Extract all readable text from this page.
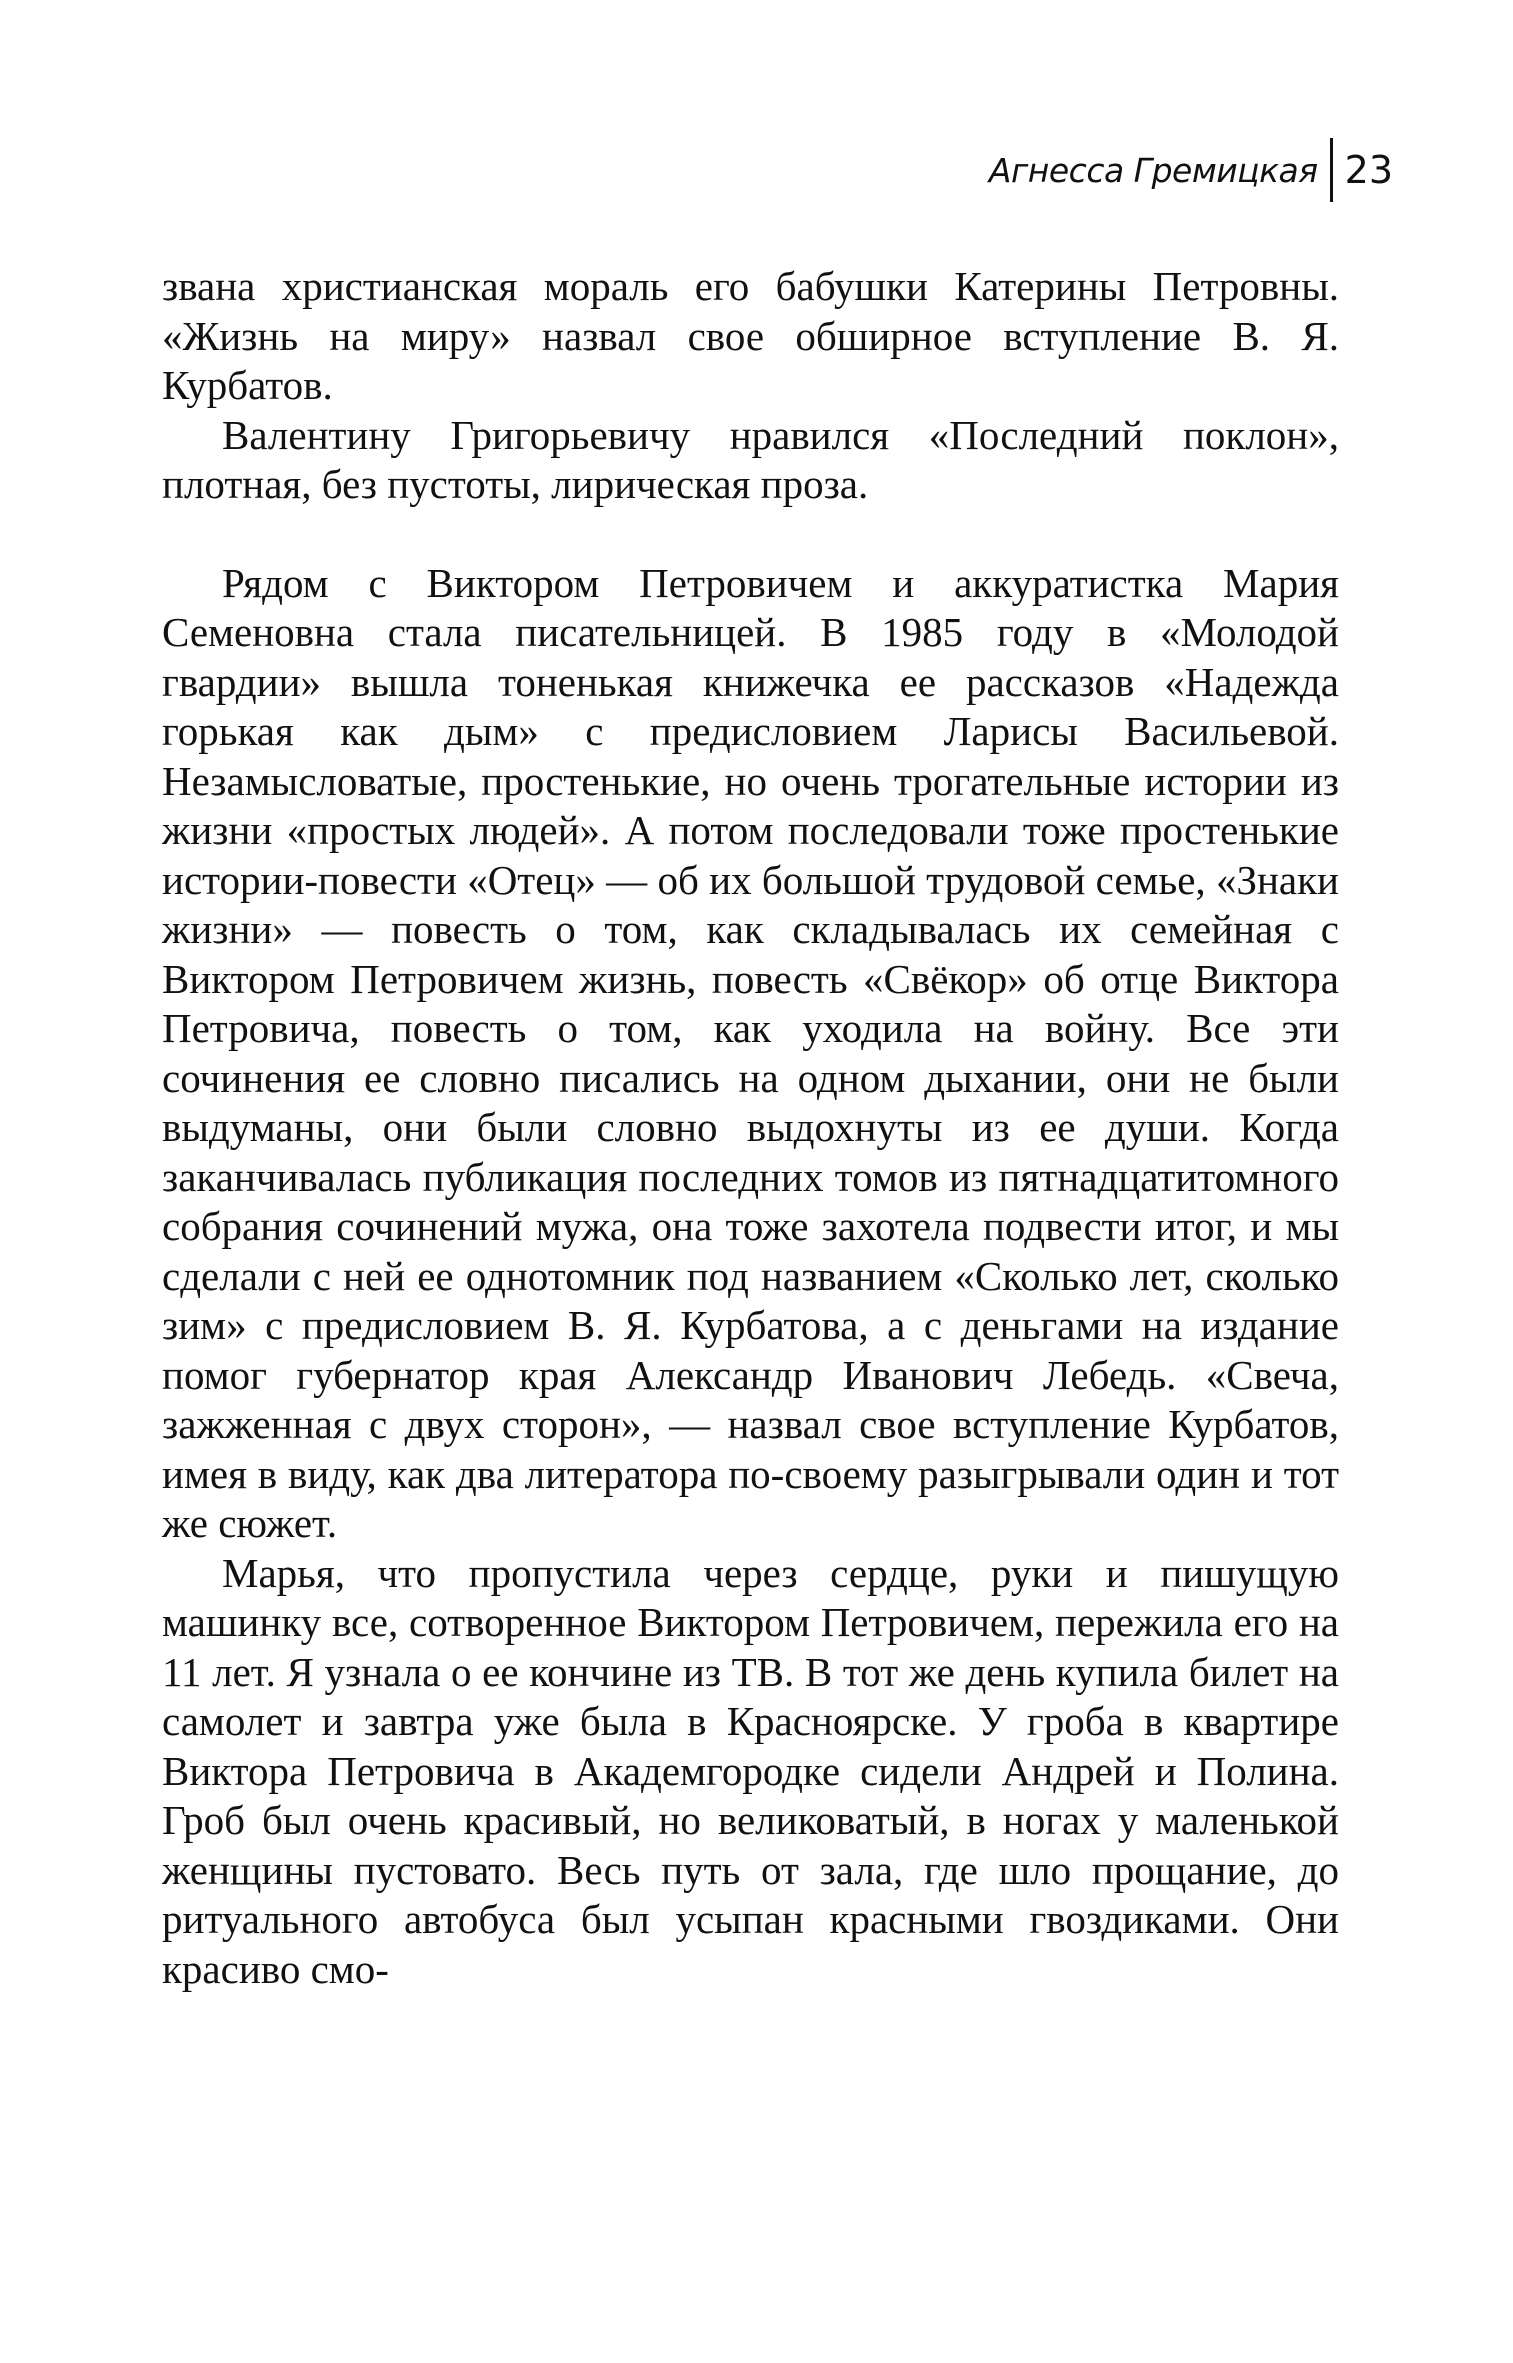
Агнесса Гремицкая 23

звана христианская мораль его бабушки Катерины Петровны. «Жизнь на миру» назвал свое обширное вступление В. Я. Курбатов.

Валентину Григорьевичу нравился «Последний поклон», плотная, без пустоты, лирическая проза.

Рядом с Виктором Петровичем и аккуратистка Мария Семеновна стала писательницей. В 1985 году в «Молодой гвардии» вышла тоненькая книжечка ее рассказов «Надежда горькая как дым» с предисловием Ларисы Васильевой. Незамысловатые, простенькие, но очень трогательные истории из жизни «простых людей». А потом последовали тоже простенькие истории-повести «Отец» — об их большой трудовой семье, «Знаки жизни» — повесть о том, как складывалась их семейная с Виктором Петровичем жизнь, повесть «Свёкор» об отце Виктора Петровича, повесть о том, как уходила на войну. Все эти сочинения ее словно писались на одном дыхании, они не были выдуманы, они были словно выдохнуты из ее души. Когда заканчивалась публикация последних томов из пятнадцатитомного собрания сочинений мужа, она тоже захотела подвести итог, и мы сделали с ней ее однотомник под названием «Сколько лет, сколько зим» с предисловием В. Я. Курбатова, а с деньгами на издание помог губернатор края Александр Иванович Лебедь. «Свеча, зажженная с двух сторон», — назвал свое вступление Курбатов, имея в виду, как два литератора по-своему разыгрывали один и тот же сюжет.

Марья, что пропустила через сердце, руки и пишущую машинку все, сотворенное Виктором Петровичем, пережила его на 11 лет. Я узнала о ее кончине из ТВ. В тот же день купила билет на самолет и завтра уже была в Красноярске. У гроба в квартире Виктора Петровича в Академгородке сидели Андрей и Полина. Гроб был очень красивый, но великоватый, в ногах у маленькой женщины пустовато. Весь путь от зала, где шло прощание, до ритуального автобуса был усыпан красными гвоздиками. Они красиво смо-
